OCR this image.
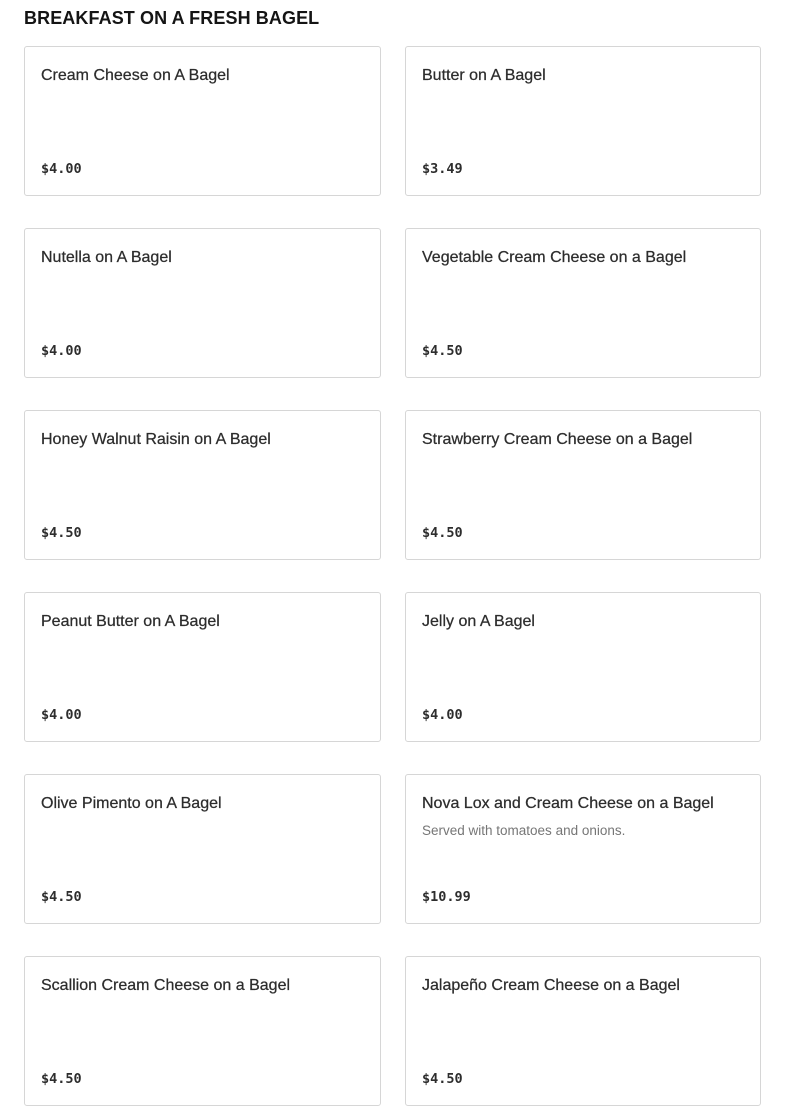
BREAKFAST ON A FRESH BAGEL
Cream Cheese on A Bagel
$4.00
Butter on A Bagel
$3.49
Nutella on A Bagel
$4.00
Vegetable Cream Cheese on a Bagel
$4.50
Honey Walnut Raisin on A Bagel
$4.50
Strawberry Cream Cheese on a Bagel
$4.50
Peanut Butter on A Bagel
$4.00
Jelly on A Bagel
$4.00
Olive Pimento on A Bagel
$4.50
Nova Lox and Cream Cheese on a Bagel
Served with tomatoes and onions.
$10.99
Scallion Cream Cheese on a Bagel
$4.50
Jalapeño Cream Cheese on a Bagel
$4.50
